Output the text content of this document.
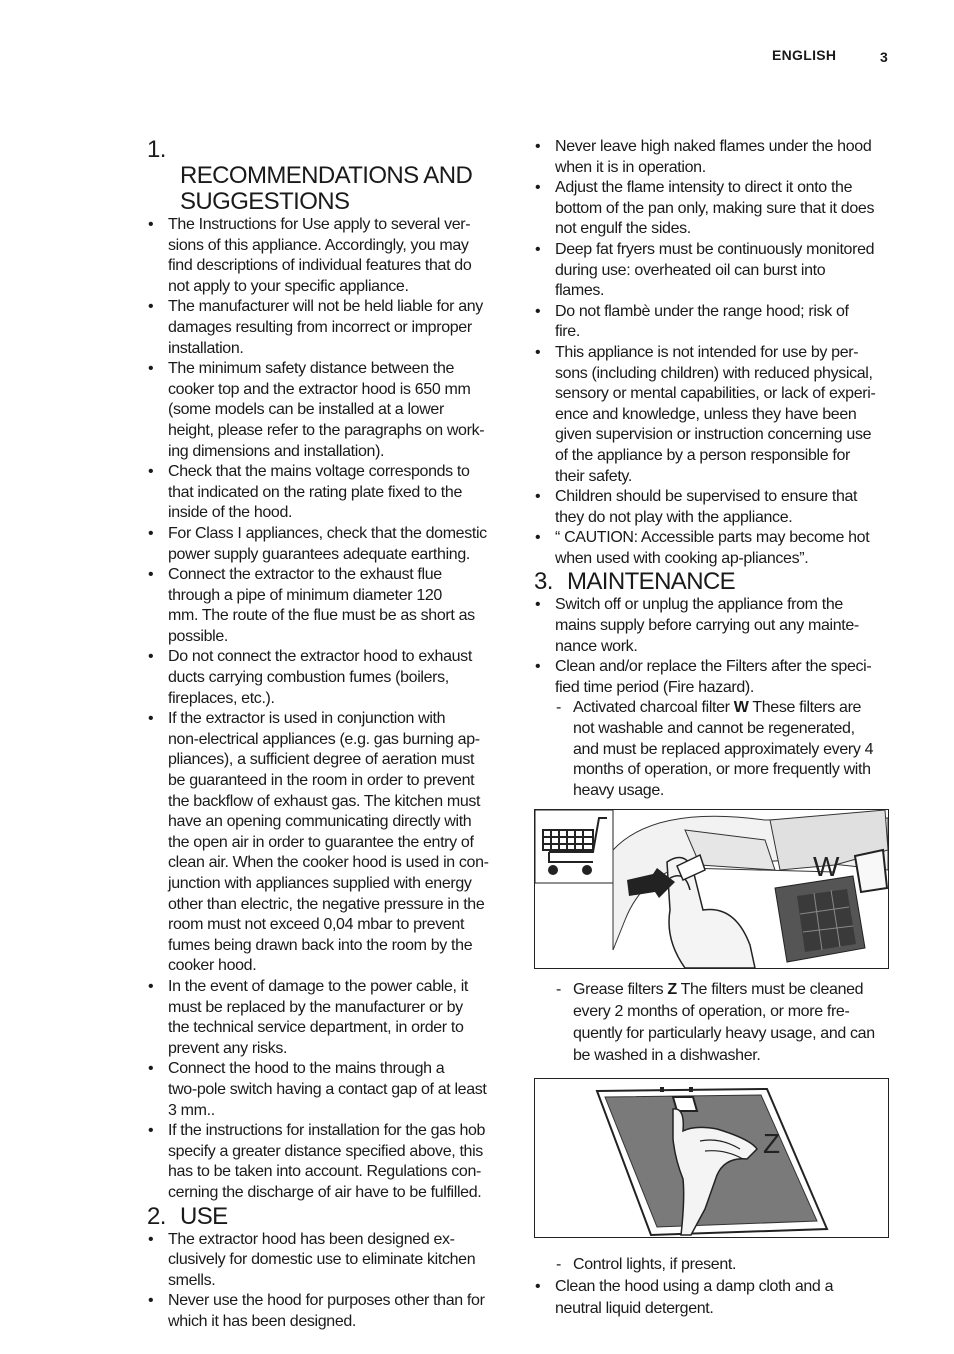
ENGLISH	3

1.
RECOMMENDATIONS AND
SUGGESTIONS

• The Instructions for Use apply to several ver-
sions of this appliance. Accordingly, you may
find descriptions of individual features that do
not apply to your specific appliance.
• The manufacturer will not be held liable for any
damages resulting from incorrect or improper
installation.
• The minimum safety distance between the
cooker top and the extractor hood is 650 mm
(some models can be installed at a lower
height, please refer to the paragraphs on work-
ing dimensions and installation).
• Check that the mains voltage corresponds to
that indicated on the rating plate fixed to the
inside of the hood.
• For Class I appliances, check that the domestic
power supply guarantees adequate earthing.
• Connect the extractor to the exhaust flue
through a pipe of minimum diameter 120
mm. The route of the flue must be as short as
possible.
• Do not connect the extractor hood to exhaust
ducts carrying combustion fumes (boilers,
fireplaces, etc.).
• If the extractor is used in conjunction with
non-electrical appliances (e.g. gas burning ap-
pliances), a sufficient degree of aeration must
be guaranteed in the room in order to prevent
the backflow of exhaust gas. The kitchen must
have an opening communicating directly with
the open air in order to guarantee the entry of
clean air. When the cooker hood is used in con-
junction with appliances supplied with energy
other than electric, the negative pressure in the
room must not exceed 0,04 mbar to prevent
fumes being drawn back into the room by the
cooker hood.
• In the event of damage to the power cable, it
must be replaced by the manufacturer or by
the technical service department, in order to
prevent any risks.
• Connect the hood to the mains through a
two-pole switch having a contact gap of at least
3 mm..
• If the instructions for installation for the gas hob
specify a greater distance specified above, this
has to be taken into account. Regulations con-
cerning the discharge of air have to be fulfilled.
2. USE
• The extractor hood has been designed ex-
clusively for domestic use to eliminate kitchen
smells.
• Never use the hood for purposes other than for
which it has been designed.
• Never leave high naked flames under the hood
when it is in operation.
• Adjust the flame intensity to direct it onto the
bottom of the pan only, making sure that it does
not engulf the sides.
• Deep fat fryers must be continuously monitored
during use: overheated oil can burst into
flames.
• Do not flambè under the range hood; risk of
fire.
• This appliance is not intended for use by per-
sons (including children) with reduced physical,
sensory or mental capabilities, or lack of experi-
ence and knowledge, unless they have been
given supervision or instruction concerning use
of the appliance by a person responsible for
their safety.
• Children should be supervised to ensure that
they do not play with the appliance.
• “ CAUTION: Accessible parts may become hot
when used with cooking ap-pliances”.
3. MAINTENANCE
• Switch off or unplug the appliance from the
mains supply before carrying out any mainte-
nance work.
• Clean and/or replace the Filters after the speci-
fied time period (Fire hazard).
- Activated charcoal filter W These filters are
not washable and cannot be regenerated,
and must be replaced approximately every 4
months of operation, or more frequently with
heavy usage.
W
- Grease filters Z The filters must be cleaned
every 2 months of operation, or more fre-
quently for particularly heavy usage, and can
be washed in a dishwasher.
Z
- Control lights, if present.
• Clean the hood using a damp cloth and a
neutral liquid detergent.
